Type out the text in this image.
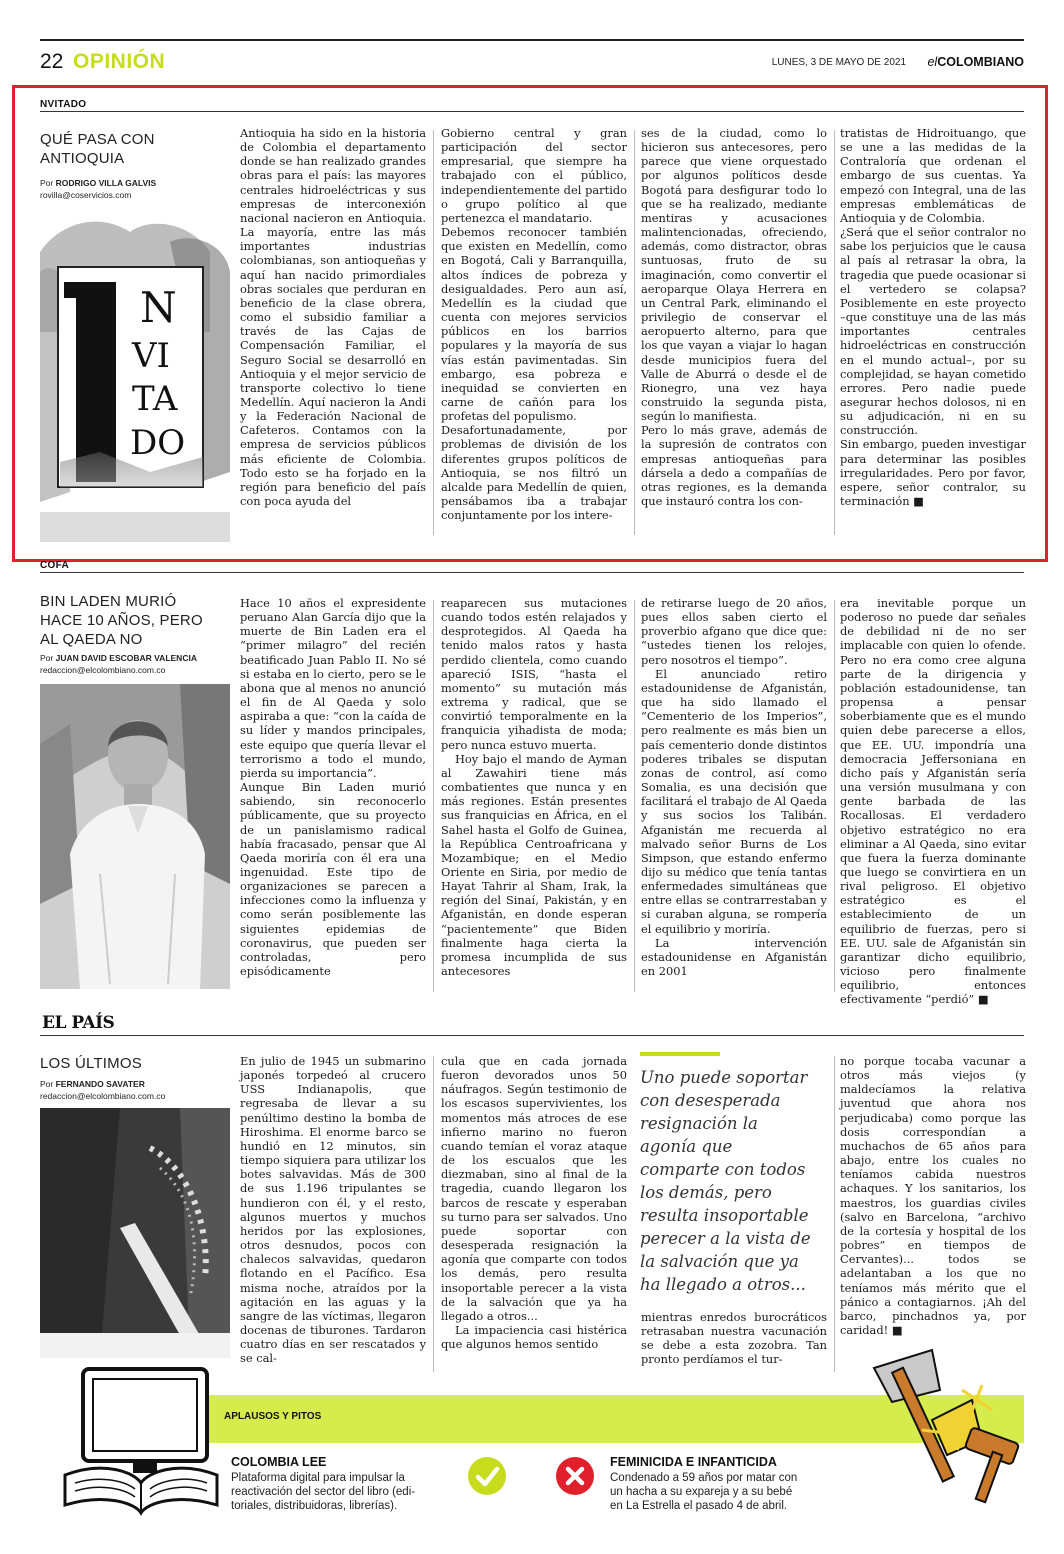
22 OPINIÓN	LUNES, 3 DE MAYO DE 2021 elCOLOMBIANO
NVITADO
QUÉ PASA CON
ANTIOQUIA
Por RODRIGO VILLA GALVIS
rovilla@coservicios.com
N
VI
TA
DO

Antioquia ha sido en la historia de Colombia el departamento donde se han realizado grandes obras para el país: las mayores centrales hidroeléctricas y sus empresas de interconexión nacional nacieron en Antioquia. La mayoría, entre las más importantes industrias colombianas, son antioqueñas y aquí han nacido primordiales obras sociales que perduran en beneficio de la clase obrera, como el subsidio familiar a través de las Cajas de Compensación Familiar, el Seguro Social se desarrolló en Antioquia y el mejor servicio de transporte colectivo lo tiene Medellín. Aquí nacieron la Andi y la Federación Nacional de Cafeteros. Contamos con la empresa de servicios públicos más eficiente de Colombia. Todo esto se ha forjado en la región para beneficio del país con poca ayuda del

Gobierno central y gran participación del sector empresarial, que siempre ha trabajado con el público, independientemente del partido o grupo político al que pertenezca el mandatario.

Debemos reconocer también que existen en Medellín, como en Bogotá, Cali y Barranquilla, altos índices de pobreza y desigualdades. Pero aun así, Medellín es la ciudad que cuenta con mejores servicios públicos en los barrios populares y la mayoría de sus vías están pavimentadas. Sin embargo, esa pobreza e inequidad se convierten en carne de cañón para los profetas del populismo.

Desafortunadamente, por problemas de división de los diferentes grupos políticos de Antioquia, se nos filtró un alcalde para Medellín de quien, pensábamos iba a trabajar conjuntamente por los intere-

ses de la ciudad, como lo hicieron sus antecesores, pero parece que viene orquestado por algunos políticos desde Bogotá para desfigurar todo lo que se ha realizado, mediante mentiras y acusaciones malintencionadas, ofreciendo, además, como distractor, obras suntuosas, fruto de su imaginación, como convertir el aeroparque Olaya Herrera en un Central Park, eliminando el privilegio de conservar el aeropuerto alterno, para que los que vayan a viajar lo hagan desde municipios fuera del Valle de Aburrá o desde el de Rionegro, una vez haya construido la segunda pista, según lo manifiesta.

Pero lo más grave, además de la supresión de contratos con empresas antioqueñas para dársela a dedo a compañías de otras regiones, es la demanda que instauró contra los con-

tratistas de Hidroituango, que se une a las medidas de la Contraloría que ordenan el embargo de sus cuentas. Ya empezó con Integral, una de las empresas emblemáticas de Antioquia y de Colombia.

¿Será que el señor contralor no sabe los perjuicios que le causa al país al retrasar la obra, la tragedia que puede ocasionar si el vertedero se colapsa? Posiblemente en este proyecto –que constituye una de las más importantes centrales hidroeléctricas en construcción en el mundo actual–, por su complejidad, se hayan cometido errores. Pero nadie puede asegurar hechos dolosos, ni en su adjudicación, ni en su construcción.

Sin embargo, pueden investigar para determinar las posibles irregularidades. Pero por favor, espere, señor contralor, su terminación ■

COFA
BIN LADEN MURIÓ
HACE 10 AÑOS, PERO
AL QAEDA NO
Por JUAN DAVID ESCOBAR VALENCIA
redaccion@elcolombiano.com.co

Hace 10 años el expresidente peruano Alan García dijo que la muerte de Bin Laden era el “primer milagro” del recién beatificado Juan Pablo II. No sé si estaba en lo cierto, pero se le abona que al menos no anunció el fin de Al Qaeda y solo aspiraba a que: “con la caída de su líder y mandos principales, este equipo que quería llevar el terrorismo a todo el mundo, pierda su importancia”.

Aunque Bin Laden murió sabiendo, sin reconocerlo públicamente, que su proyecto de un panislamismo radical había fracasado, pensar que Al Qaeda moriría con él era una ingenuidad. Este tipo de organizaciones se parecen a infecciones como la influenza y como serán posiblemente las siguientes epidemias de coronavirus, que pueden ser controladas, pero episódicamente

reaparecen sus mutaciones cuando todos estén relajados y desprotegidos. Al Qaeda ha tenido malos ratos y hasta perdido clientela, como cuando apareció ISIS, “hasta el momento” su mutación más extrema y radical, que se convirtió temporalmente en la franquicia yihadista de moda; pero nunca estuvo muerta.

Hoy bajo el mando de Ayman al Zawahiri tiene más combatientes que nunca y en más regiones. Están presentes sus franquicias en África, en el Sahel hasta el Golfo de Guinea, la República Centroafricana y Mozambique; en el Medio Oriente en Siria, por medio de Hayat Tahrir al Sham, Irak, la región del Sinaí, Pakistán, y en Afganistán, en donde esperan “pacientemente” que Biden finalmente haga cierta la promesa incumplida de sus antecesores

de retirarse luego de 20 años, pues ellos saben cierto el proverbio afgano que dice que: “ustedes tienen los relojes, pero nosotros el tiempo”.

El anunciado retiro estadounidense de Afganistán, que ha sido llamado el “Cementerio de los Imperios”, pero realmente es más bien un país cementerio donde distintos poderes tribales se disputan zonas de control, así como Somalia, es una decisión que facilitará el trabajo de Al Qaeda y sus socios los Talibán. Afganistán me recuerda al malvado señor Burns de Los Simpson, que estando enfermo dijo su médico que tenía tantas enfermedades simultáneas que entre ellas se contrarrestaban y si curaban alguna, se rompería el equilibrio y moriría.

La intervención estadounidense en Afganistán en 2001

era inevitable porque un poderoso no puede dar señales de debilidad ni de no ser implacable con quien lo ofende. Pero no era como cree alguna parte de la dirigencia y población estadounidense, tan propensa a pensar soberbiamente que es el mundo quien debe parecerse a ellos, que EE. UU. impondría una democracia Jeffersoniana en dicho país y Afganistán sería una versión musulmana y con gente barbada de las Rocallosas. El verdadero objetivo estratégico no era eliminar a Al Qaeda, sino evitar que fuera la fuerza dominante que luego se convirtiera en un rival peligroso. El objetivo estratégico es el establecimiento de un equilibrio de fuerzas, pero si EE. UU. sale de Afganistán sin garantizar dicho equilibrio, vicioso pero finalmente equilibrio, entonces efectivamente “perdió” ■

EL PAÍS
LOS ÚLTIMOS
Por FERNANDO SAVATER
redaccion@elcolombiano.com.co

En julio de 1945 un submarino japonés torpedeó al crucero USS Indianapolis, que regresaba de llevar a su penúltimo destino la bomba de Hiroshima. El enorme barco se hundió en 12 minutos, sin tiempo siquiera para utilizar los botes salvavidas. Más de 300 de sus 1.196 tripulantes se hundieron con él, y el resto, algunos muertos y muchos heridos por las explosiones, otros desnudos, pocos con chalecos salvavidas, quedaron flotando en el Pacífico. Esa misma noche, atraídos por la agitación en las aguas y la sangre de las víctimas, llegaron docenas de tiburones. Tardaron cuatro días en ser rescatados y se cal-

cula que en cada jornada fueron devorados unos 50 náufragos. Según testimonio de los escasos supervivientes, los momentos más atroces de ese infierno marino no fueron cuando temían el voraz ataque de los escualos que les diezmaban, sino al final de la tragedia, cuando llegaron los barcos de rescate y esperaban su turno para ser salvados. Uno puede soportar con desesperada resignación la agonía que comparte con todos los demás, pero resulta insoportable perecer a la vista de la salvación que ya ha llegado a otros...

La impaciencia casi histérica que algunos hemos sentido

Uno puede soportar con desesperada resignación la agonía que comparte con todos los demás, pero resulta insoportable perecer a la vista de la salvación que ya ha llegado a otros...

mientras enredos burocráticos retrasaban nuestra vacunación se debe a esta zozobra. Tan pronto perdíamos el tur-

no porque tocaba vacunar a otros más viejos (y maldecíamos la relativa juventud que ahora nos perjudicaba) como porque las dosis correspondían a muchachos de 65 años para abajo, entre los cuales no teníamos cabida nuestros achaques. Y los sanitarios, los maestros, los guardias civiles (salvo en Barcelona, “archivo de la cortesía y hospital de los pobres” en tiempos de Cervantes)... todos se adelantaban a los que no teníamos más mérito que el pánico a contagiarnos. ¡Ah del barco, pinchadnos ya, por caridad! ■

APLAUSOS Y PITOS
COLOMBIA LEE
Plataforma digital para impulsar la
reactivación del sector del libro (edi-
toriales, distribuidoras, librerías).
FEMINICIDA E INFANTICIDA
Condenado a 59 años por matar con
un hacha a su expareja y a su bebé
en La Estrella el pasado 4 de abril.
